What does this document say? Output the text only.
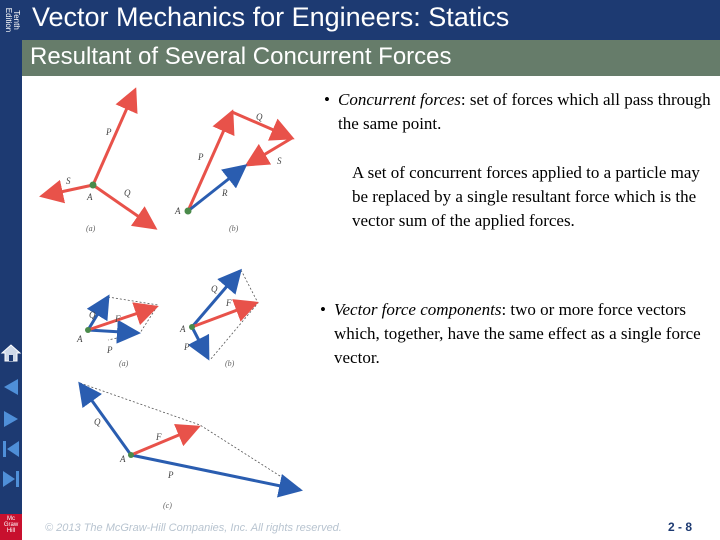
Tenth Edition Vector Mechanics for Engineers: Statics
Resultant of Several Concurrent Forces
Mc Graw Hill
P
S
Q
A
(a)
P
Q
S
R
A
(b)
Q F
A
P
(a)
Q
F
A
P
(b)
Q
F
A
P
(c)
• Concurrent forces: set of forces which all pass through the same point.
A set of concurrent forces applied to a particle may be replaced by a single resultant force which is the vector sum of the applied forces.
• Vector force components: two or more force vectors which, together, have the same effect as a single force vector.
© 2013 The McGraw-Hill Companies, Inc. All rights reserved.	2 - 8
